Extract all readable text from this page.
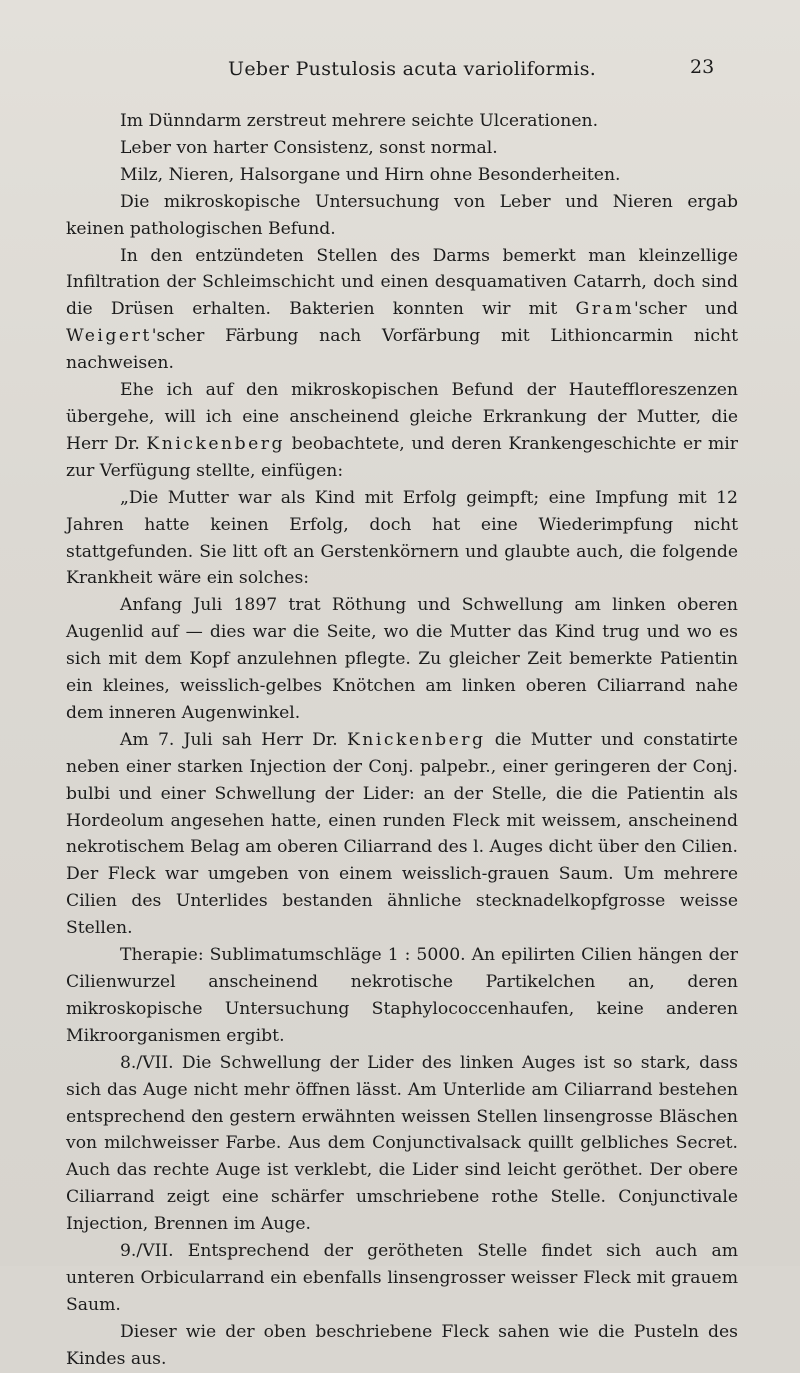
Ueber Pustulosis acuta varioliformis.	23

Im Dünndarm zerstreut mehrere seichte Ulcerationen.

Leber von harter Consistenz, sonst normal.

Milz, Nieren, Halsorgane und Hirn ohne Besonderheiten.

Die mikroskopische Untersuchung von Leber und Nieren ergab keinen pathologischen Befund.

In den entzündeten Stellen des Darms bemerkt man kleinzellige Infiltration der Schleimschicht und einen desquamativen Catarrh, doch sind die Drüsen erhalten. Bakterien konnten wir mit Gram'scher und Weigert'scher Färbung nach Vorfärbung mit Lithioncarmin nicht nachweisen.

Ehe ich auf den mikroskopischen Befund der Hauteffloreszenzen übergehe, will ich eine anscheinend gleiche Erkrankung der Mutter, die Herr Dr. Knickenberg beobachtete, und deren Krankengeschichte er mir zur Verfügung stellte, einfügen:

„Die Mutter war als Kind mit Erfolg geimpft; eine Impfung mit 12 Jahren hatte keinen Erfolg, doch hat eine Wiederimpfung nicht stattgefunden. Sie litt oft an Gerstenkörnern und glaubte auch, die folgende Krankheit wäre ein solches:

Anfang Juli 1897 trat Röthung und Schwellung am linken oberen Augenlid auf — dies war die Seite, wo die Mutter das Kind trug und wo es sich mit dem Kopf anzulehnen pflegte. Zu gleicher Zeit bemerkte Patientin ein kleines, weisslich-gelbes Knötchen am linken oberen Ciliarrand nahe dem inneren Augenwinkel.

Am 7. Juli sah Herr Dr. Knickenberg die Mutter und constatirte neben einer starken Injection der Conj. palpebr., einer geringeren der Conj. bulbi und einer Schwellung der Lider: an der Stelle, die die Patientin als Hordeolum angesehen hatte, einen runden Fleck mit weissem, anscheinend nekrotischem Belag am oberen Ciliarrand des l. Auges dicht über den Cilien. Der Fleck war umgeben von einem weisslich-grauen Saum. Um mehrere Cilien des Unterlides bestanden ähnliche stecknadelkopfgrosse weisse Stellen.

Therapie: Sublimatumschläge 1 : 5000. An epilirten Cilien hängen der Cilienwurzel anscheinend nekrotische Partikelchen an, deren mikroskopische Untersuchung Staphylococcenhaufen, keine anderen Mikroorganismen ergibt.

8./VII. Die Schwellung der Lider des linken Auges ist so stark, dass sich das Auge nicht mehr öffnen lässt. Am Unterlide am Ciliarrand bestehen entsprechend den gestern erwähnten weissen Stellen linsengrosse Bläschen von milchweisser Farbe. Aus dem Conjunctivalsack quillt gelbliches Secret. Auch das rechte Auge ist verklebt, die Lider sind leicht geröthet. Der obere Ciliarrand zeigt eine schärfer umschriebene rothe Stelle. Conjunctivale Injection, Brennen im Auge.

9./VII. Entsprechend der gerötheten Stelle findet sich auch am unteren Orbicularrand ein ebenfalls linsengrosser weisser Fleck mit grauem Saum.

Dieser wie der oben beschriebene Fleck sahen wie die Pusteln des Kindes aus.
